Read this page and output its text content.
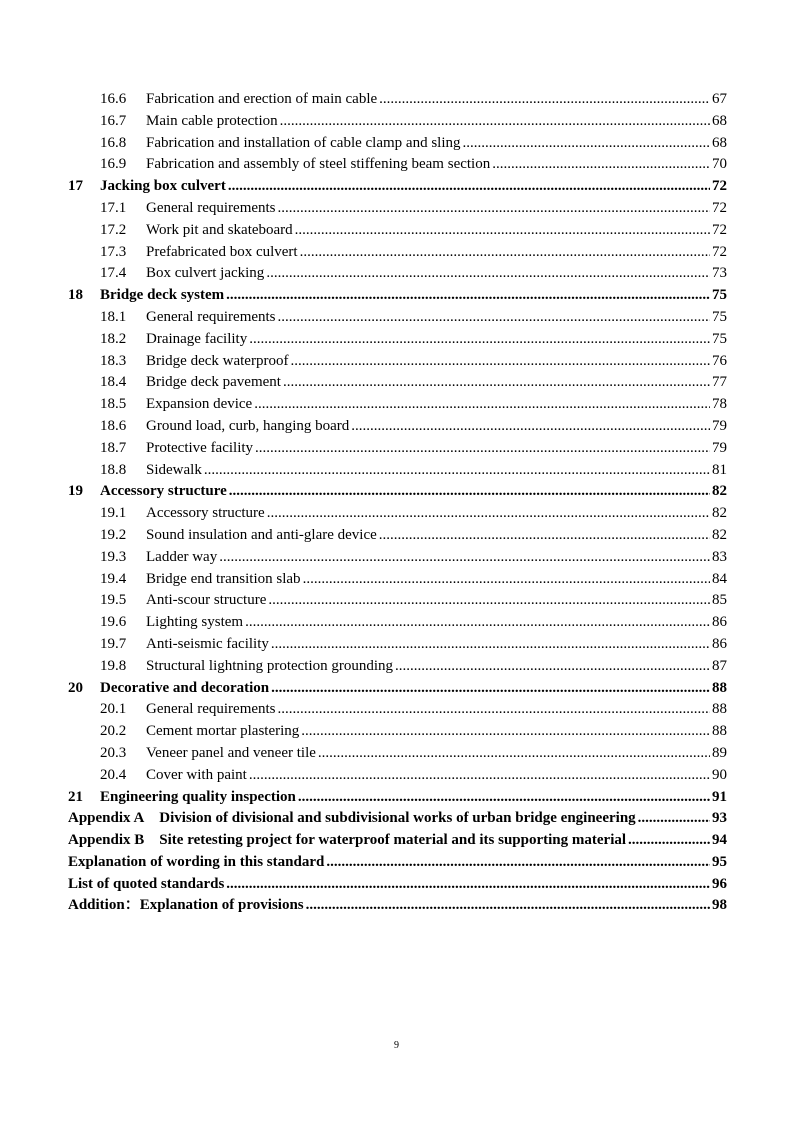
16.6	Fabrication and erection of main cable .....	67
16.7	Main cable protection .....	68
16.8	Fabrication and installation of cable clamp and sling .....	68
16.9	Fabrication and assembly of steel stiffening beam section .....	70
17	Jacking box culvert .....	72
17.1	General requirements .....	72
17.2	Work pit and skateboard .....	72
17.3	Prefabricated box culvert .....	72
17.4	Box culvert jacking .....	73
18	Bridge deck system .....	75
18.1	General requirements .....	75
18.2	Drainage facility .....	75
18.3	Bridge deck waterproof .....	76
18.4	Bridge deck pavement .....	77
18.5	Expansion device .....	78
18.6	Ground load, curb, hanging board .....	79
18.7	Protective facility .....	79
18.8	Sidewalk .....	81
19	Accessory structure .....	82
19.1	Accessory structure .....	82
19.2	Sound insulation and anti-glare device .....	82
19.3	Ladder way .....	83
19.4	Bridge end transition slab .....	84
19.5	Anti-scour structure .....	85
19.6	Lighting system .....	86
19.7	Anti-seismic facility .....	86
19.8	Structural lightning protection grounding .....	87
20	Decorative and decoration .....	88
20.1	General requirements .....	88
20.2	Cement mortar plastering .....	88
20.3	Veneer panel and veneer tile .....	89
20.4	Cover with paint .....	90
21	Engineering quality inspection .....	91
Appendix A Division of divisional and subdivisional works of urban bridge engineering .....	93
Appendix B Site retesting project for waterproof material and its supporting material .....	94
Explanation of wording in this standard .....	95
List of quoted standards .....	96
Addition：Explanation of provisions .....	98
9
